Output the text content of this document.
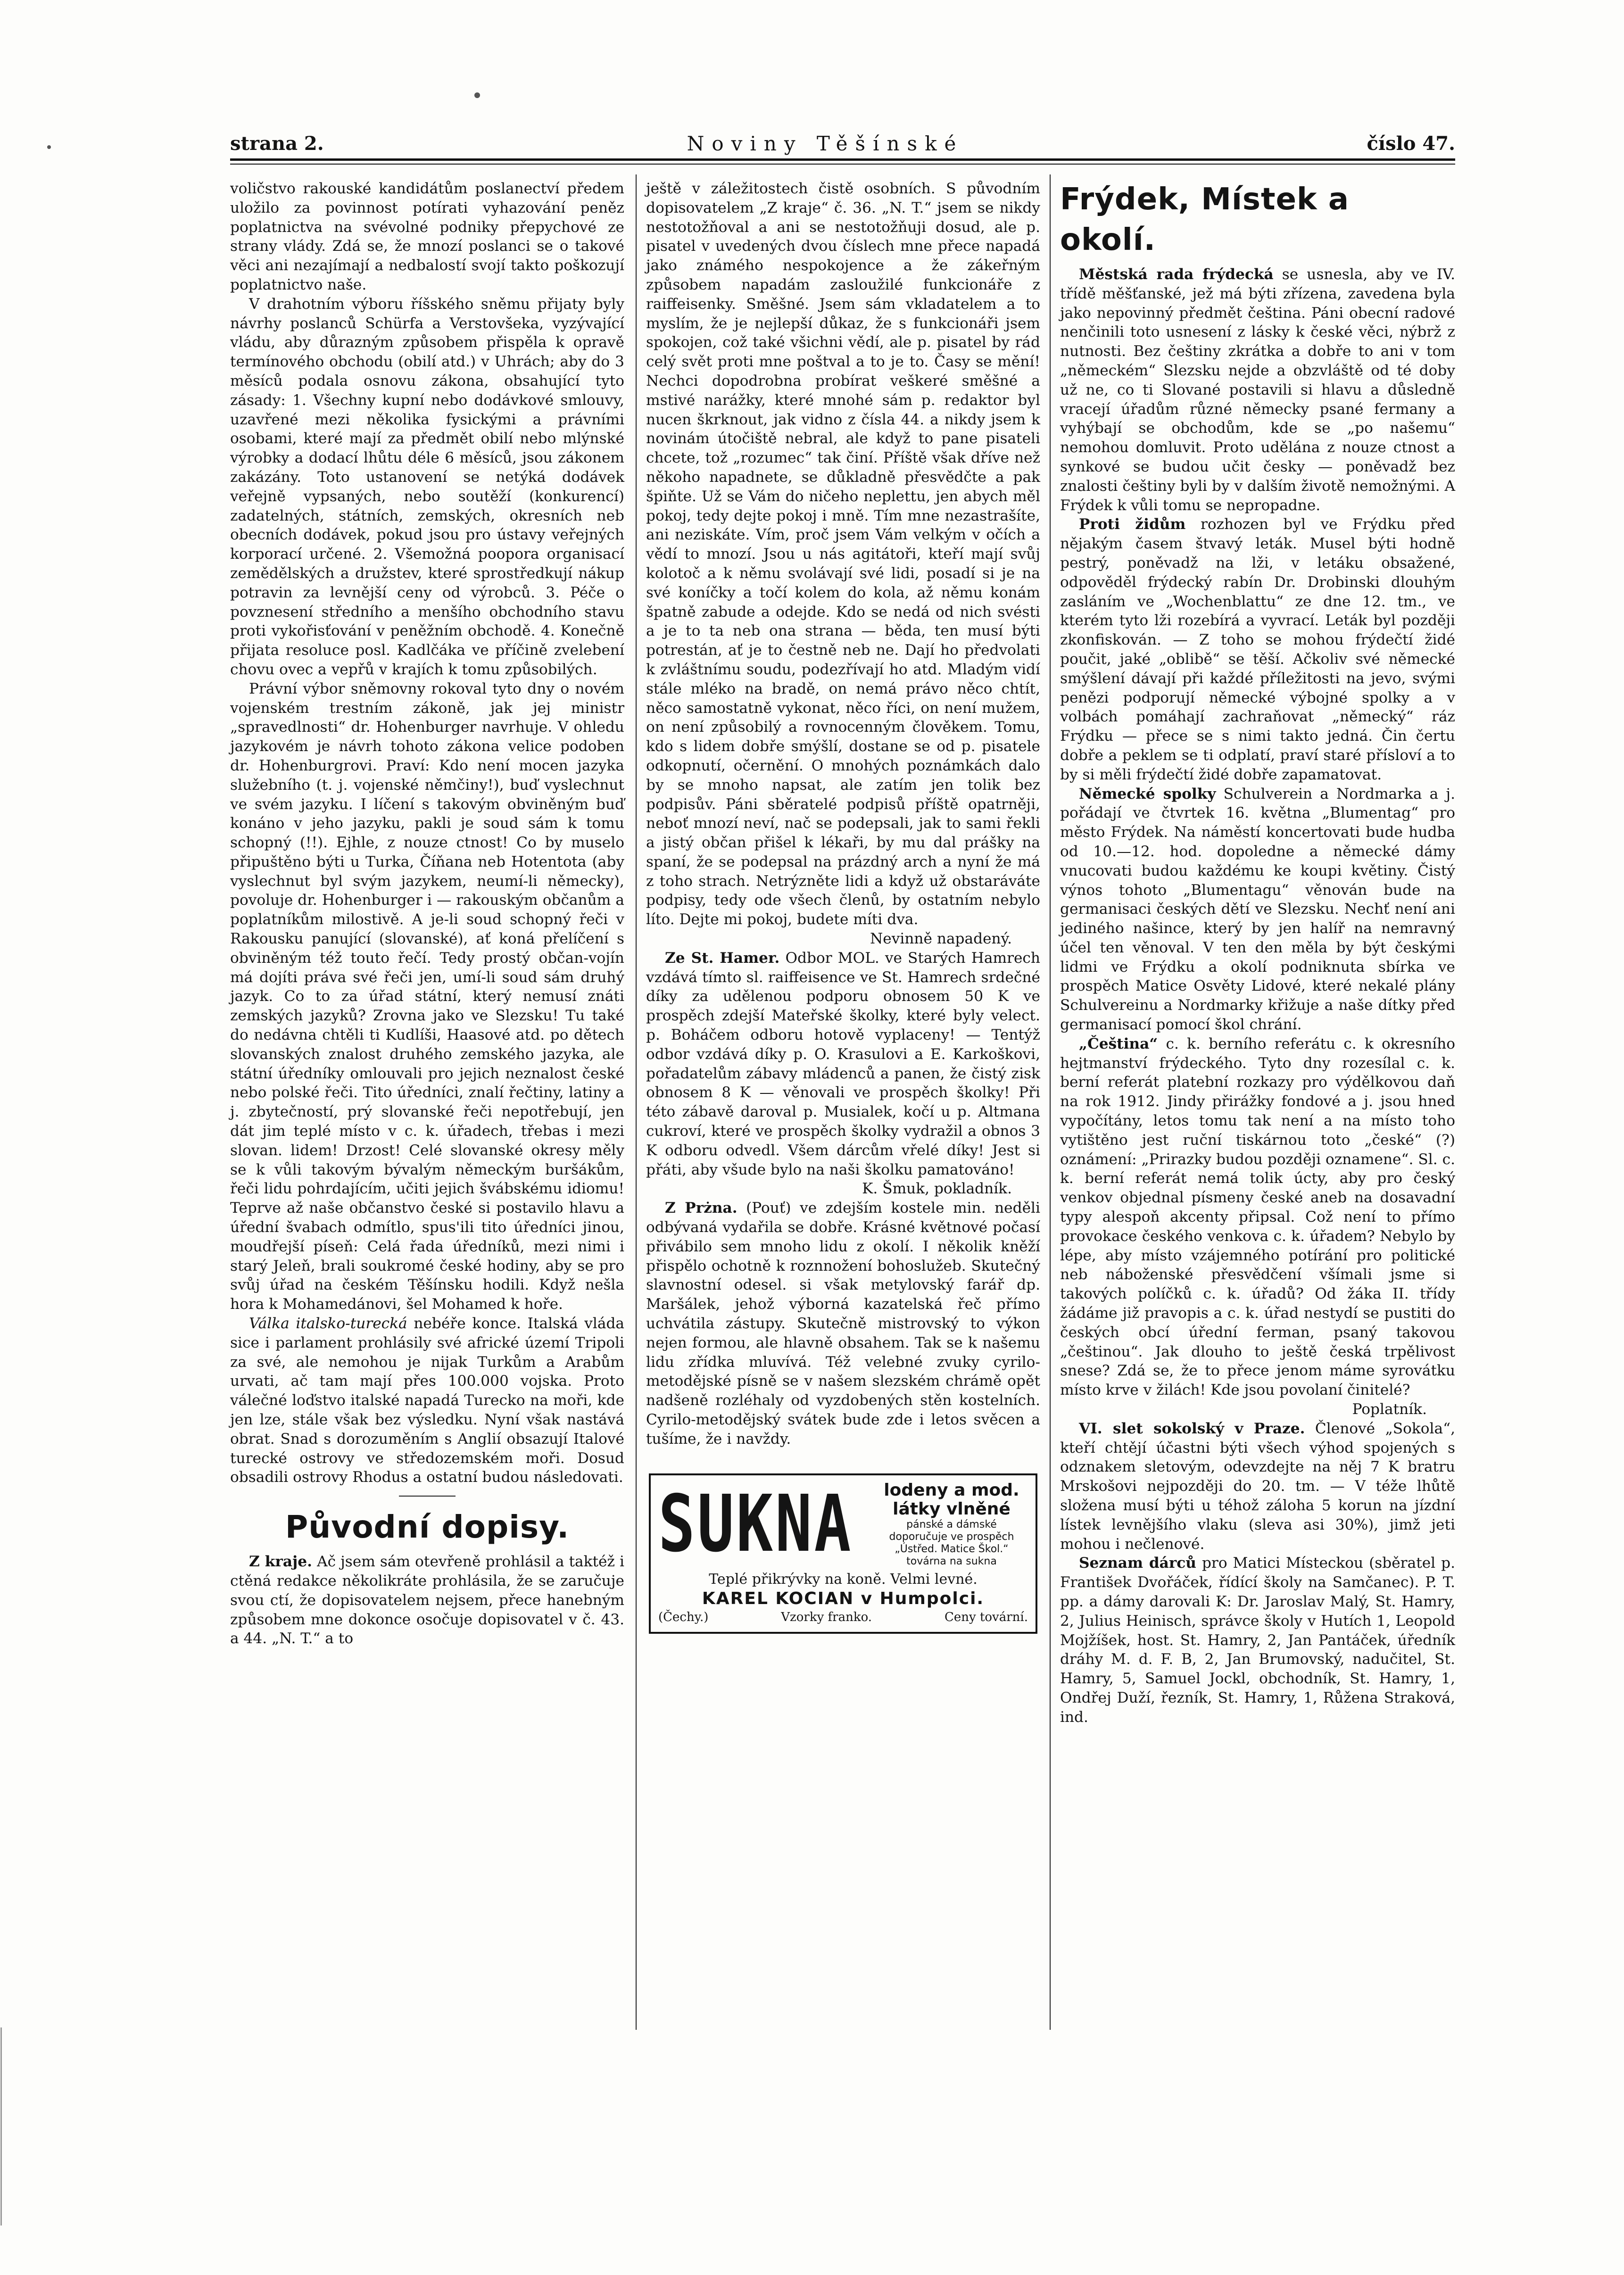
strana 2.	Noviny Těšínské	číslo 47.

voličstvo rakouské kandidátům poslanectví předem uložilo za povinnost potírati vyhazování peněz poplatnictva na svévolné podniky přepychové ze strany vlády. Zdá se, že mnozí poslanci se o takové věci ani nezajímají a nedbalostí svojí takto poškozují poplatnictvo naše.

V drahotním výboru říšského sněmu přijaty byly návrhy poslanců Schürfa a Verstovšeka, vyzývající vládu, aby důrazným způsobem přispěla k opravě termínového obchodu (obilí atd.) v Uhrách; aby do 3 měsíců podala osnovu zákona, obsahující tyto zásady: 1. Všechny kupní nebo dodávkové smlouvy, uzavřené mezi několika fysickými a právními osobami, které mají za předmět obilí nebo mlýnské výrobky a dodací lhůtu déle 6 měsíců, jsou zákonem zakázány. Toto ustanovení se netýká dodávek veřejně vypsaných, nebo soutěží (konkurencí) zadatelných, státních, zemských, okresních neb obecních dodávek, pokud jsou pro ústavy veřejných korporací určené. 2. Všemožná poopora organisací zemědělských a družstev, které sprostředkují nákup potravin za levnější ceny od výrobců. 3. Péče o povznesení středního a menšího obchodního stavu proti vykořisťování v peněžním obchodě. 4. Konečně přijata resoluce posl. Kadlčáka ve příčině zvelebení chovu ovec a vepřů v krajích k tomu způsobilých.

Právní výbor sněmovny rokoval tyto dny o novém vojenském trestním zákoně, jak jej ministr „spravedlnosti“ dr. Hohenburger navrhuje. V ohledu jazykovém je návrh tohoto zákona velice podoben dr. Hohenburgrovi. Praví: Kdo není mocen jazyka služebního (t. j. vojenské němčiny!), buď vyslechnut ve svém jazyku. I líčení s takovým obviněným buď konáno v jeho jazyku, pakli je soud sám k tomu schopný (!!). Ejhle, z nouze ctnost! Co by muselo připuštěno býti u Turka, Číňana neb Hotentota (aby vyslechnut byl svým jazykem, neumí-li německy), povoluje dr. Hohenburger i — rakouským občanům a poplatníkům milostivě. A je-li soud schopný řeči v Rakousku panující (slovanské), ať koná přelíčení s obviněným též touto řečí. Tedy prostý občan-vojín má dojíti práva své řeči jen, umí-li soud sám druhý jazyk. Co to za úřad státní, který nemusí znáti zemských jazyků? Zrovna jako ve Slezsku! Tu také do nedávna chtěli ti Kudlíši, Haasové atd. po dětech slovanských znalost druhého zemského jazyka, ale státní úředníky omlouvali pro jejich neznalost české nebo polské řeči. Tito úředníci, znalí řečtiny, latiny a j. zbytečností, prý slovanské řeči nepotřebují, jen dát jim teplé místo v c. k. úřadech, třebas i mezi slovan. lidem! Drzost! Celé slovanské okresy měly se k vůli takovým bývalým německým buršákům, řeči lidu pohrdajícím, učiti jejich švábskému idiomu! Teprve až naše občanstvo české si postavilo hlavu a úřední švabach odmítlo, spus'ili tito úředníci jinou, moudřejší píseň: Celá řada úředníků, mezi nimi i starý Jeleň, brali soukromé české hodiny, aby se pro svůj úřad na českém Těšínsku hodili. Když nešla hora k Mohamedánovi, šel Mohamed k hoře.

Válka italsko-turecká nebéře konce. Italská vláda sice i parlament prohlásily své africké území Tripoli za své, ale nemohou je nijak Turkům a Arabům urvati, ač tam mají přes 100.000 vojska. Proto válečné loďstvo italské napadá Turecko na moři, kde jen lze, stále však bez výsledku. Nyní však nastává obrat. Snad s dorozuměním s Anglií obsazují Italové turecké ostrovy ve středozemském moři. Dosud obsadili ostrovy Rhodus a ostatní budou následovati.

Původní dopisy.

Z kraje. Ač jsem sám otevřeně prohlásil a taktéž i ctěná redakce několikráte prohlásila, že se zaručuje svou ctí, že dopisovatelem nejsem, přece hanebným způsobem mne dokonce osočuje dopisovatel v č. 43. a 44. „N. T.“ a to

ještě v záležitostech čistě osobních. S původním dopisovatelem „Z kraje“ č. 36. „N. T.“ jsem se nikdy nestotožňoval a ani se nestotožňuji dosud, ale p. pisatel v uvedených dvou číslech mne přece napadá jako známého nespokojence a že zákeřným způsobem napadám zasloužilé funkcionáře z raiffeisenky. Směšné. Jsem sám vkladatelem a to myslím, že je nejlepší důkaz, že s funkcionáři jsem spokojen, což také všichni vědí, ale p. pisatel by rád celý svět proti mne poštval a to je to. Časy se mění! Nechci dopodrobna probírat veškeré směšné a mstivé narážky, které mnohé sám p. redaktor byl nucen škrknout, jak vidno z čísla 44. a nikdy jsem k novinám útočiště nebral, ale když to pane pisateli chcete, tož „rozumec“ tak činí. Příště však dříve než někoho napadnete, se důkladně přesvědčte a pak špiňte. Už se Vám do ničeho neplettu, jen abych měl pokoj, tedy dejte pokoj i mně. Tím mne nezastrašíte, ani neziskáte. Vím, proč jsem Vám velkým v očích a vědí to mnozí. Jsou u nás agitátoři, kteří mají svůj kolotoč a k němu svolávají své lidi, posadí si je na své koníčky a točí kolem do kola, až němu konám špatně zabude a odejde. Kdo se nedá od nich svésti a je to ta neb ona strana — běda, ten musí býti potrestán, ať je to čestně neb ne. Dají ho předvolati k zvláštnímu soudu, podezřívají ho atd. Mladým vidí stále mléko na bradě, on nemá právo něco chtít, něco samostatně vykonat, něco říci, on není mužem, on není způsobilý a rovnocenným člověkem. Tomu, kdo s lidem dobře smýšlí, dostane se od p. pisatele odkopnutí, očernění. O mnohých poznámkách dalo by se mnoho napsat, ale zatím jen tolik bez podpisův. Páni sběratelé podpisů příště opatrněji, neboť mnozí neví, nač se podepsali, jak to sami řekli a jistý občan přišel k lékaři, by mu dal prášky na spaní, že se podepsal na prázdný arch a nyní že má z toho strach. Netrýzněte lidi a když už obstaráváte podpisy, tedy ode všech členů, by ostatním nebylo líto. Dejte mi pokoj, budete míti dva.

Nevinně napadený.

Ze St. Hamer. Odbor MOL. ve Starých Hamrech vzdává tímto sl. raiffeisence ve St. Hamrech srdečné díky za udělenou podporu obnosem 50 K ve prospěch zdejší Mateřské školky, které byly velect. p. Boháčem odboru hotově vyplaceny! — Tentýž odbor vzdává díky p. O. Krasulovi a E. Karkoškovi, pořadatelům zábavy mládenců a panen, že čistý zisk obnosem 8 K — věnovali ve prospěch školky! Při této zábavě daroval p. Musialek, kočí u p. Altmana cukroví, které ve prospěch školky vydražil a obnos 3 K odboru odvedl. Všem dárcům vřelé díky! Jest si přáti, aby všude bylo na naši školku pamatováno!

K. Šmuk, pokladník.

Z Prżna. (Pouť) ve zdejším kostele min. neděli odbývaná vydařila se dobře. Krásné květnové počasí přivábilo sem mnoho lidu z okolí. I několik kněží přispělo ochotně k roznnožení bohoslužeb. Skutečný slavnostní odesel. si však metylovský farář dp. Maršálek, jehož výborná kazatelská řeč přímo uchvátila zástupy. Skutečně mistrovský to výkon nejen formou, ale hlavně obsahem. Tak se k našemu lidu zřídka mluvívá. Též velebné zvuky cyrilo-metodějské písně se v našem slezském chrámě opět nadšeně rozléhaly od vyzdobených stěn kostelních. Cyrilo-metodějský svátek bude zde i letos svěcen a tušíme, že i navždy.

SUKNA	lodeny a mod. látky vlněné
pánské a dámské
doporučuje ve prospěch „Ústřed. Matice Škol.“
továrna na sukna
Teplé přikrývky na koně. Velmi levné.
KAREL KOCIAN v Humpolci.
(Čechy.)	Vzorky franko.	Ceny tovární.
Frýdek, Místek a okolí.

Městská rada frýdecká se usnesla, aby ve IV. třídě měšťanské, jež má býti zřízena, zavedena byla jako nepovinný předmět čeština. Páni obecní radové nenčinili toto usnesení z lásky k české věci, nýbrž z nutnosti. Bez češtiny zkrátka a dobře to ani v tom „německém“ Slezsku nejde a obzvláště od té doby už ne, co ti Slované postavili si hlavu a důsledně vracejí úřadům různé německy psané fermany a vyhýbají se obchodům, kde se „po našemu“ nemohou domluvit. Proto udělána z nouze ctnost a synkové se budou učit česky — poněvadž bez znalosti češtiny byli by v dalším životě nemožnými. A Frýdek k vůli tomu se nepropadne.

Proti židům rozhozen byl ve Frýdku před nějakým časem štvavý leták. Musel býti hodně pestrý, poněvadž na lži, v letáku obsažené, odpověděl frýdecký rabín Dr. Drobinski dlouhým zasláním ve „Wochenblattu“ ze dne 12. tm., ve kterém tyto lži rozebírá a vyvrací. Leták byl později zkonfiskován. — Z toho se mohou frýdečtí židé poučit, jaké „oblibě“ se těší. Ačkoliv své německé smýšlení dávají při každé příležitosti na jevo, svými penězi podporují německé výbojné spolky a v volbách pomáhají zachraňovat „německý“ ráz Frýdku — přece se s nimi takto jedná. Čin čertu dobře a peklem se ti odplatí, praví staré přísloví a to by si měli frýdečtí židé dobře zapamatovat.

Německé spolky Schulverein a Nordmarka a j. pořádají ve čtvrtek 16. května „Blumentag“ pro město Frýdek. Na náměstí koncertovati bude hudba od 10.—12. hod. dopoledne a německé dámy vnucovati budou každému ke koupi květiny. Čistý výnos tohoto „Blumentagu“ věnován bude na germanisaci českých dětí ve Slezsku. Nechť není ani jediného našince, který by jen halíř na nemravný účel ten věnoval. V ten den měla by být českými lidmi ve Frýdku a okolí podniknuta sbírka ve prospěch Matice Osvěty Lidové, které nekalé plány Schulvereinu a Nordmarky křižuje a naše dítky před germanisací pomocí škol chrání.

„Čeština“ c. k. berního referátu c. k okresního hejtmanství frýdeckého. Tyto dny rozesílal c. k. berní referát platební rozkazy pro výdělkovou daň na rok 1912. Jindy přirážky fondové a j. jsou hned vypočítány, letos tomu tak není a na místo toho vytištěno jest ruční tiskárnou toto „české“ (?) oznámení: „Prirazky budou později oznamene“. Sl. c. k. berní referát nemá tolik úcty, aby pro český venkov objednal písmeny české aneb na dosavadní typy alespoň akcenty připsal. Což není to přímo provokace českého venkova c. k. úřadem? Nebylo by lépe, aby místo vzájemného potírání pro politické neb náboženské přesvědčení všímali jsme si takových políčků c. k. úřadů? Od žáka II. třídy žádáme již pravopis a c. k. úřad nestydí se pustiti do českých obcí úřední ferman, psaný takovou „češtinou“. Jak dlouho to ještě česká trpělivost snese? Zdá se, že to přece jenom máme syrovátku místo krve v žilách! Kde jsou povolaní činitelé?

Poplatník.

VI. slet sokolský v Praze. Členové „Sokola“, kteří chtějí účastni býti všech výhod spojených s odznakem sletovým, odevzdejte na něj 7 K bratru Mrskošovi nejpozději do 20. tm. — V téže lhůtě složena musí býti u téhož záloha 5 korun na jízdní lístek levnějšího vlaku (sleva asi 30%), jimž jeti mohou i nečlenové.

Seznam dárců pro Matici Místeckou (sběratel p. František Dvořáček, řídící školy na Samčanec). P. T. pp. a dámy darovali K: Dr. Jaroslav Malý, St. Hamry, 2, Julius Heinisch, správce školy v Hutích 1, Leopold Mojžíšek, host. St. Hamry, 2, Jan Pantáček, úředník dráhy M. d. F. B, 2, Jan Brumovský, nadučitel, St. Hamry, 5, Samuel Jockl, obchodník, St. Hamry, 1, Ondřej Duží, řezník, St. Hamry, 1, Růžena Straková, ind.
